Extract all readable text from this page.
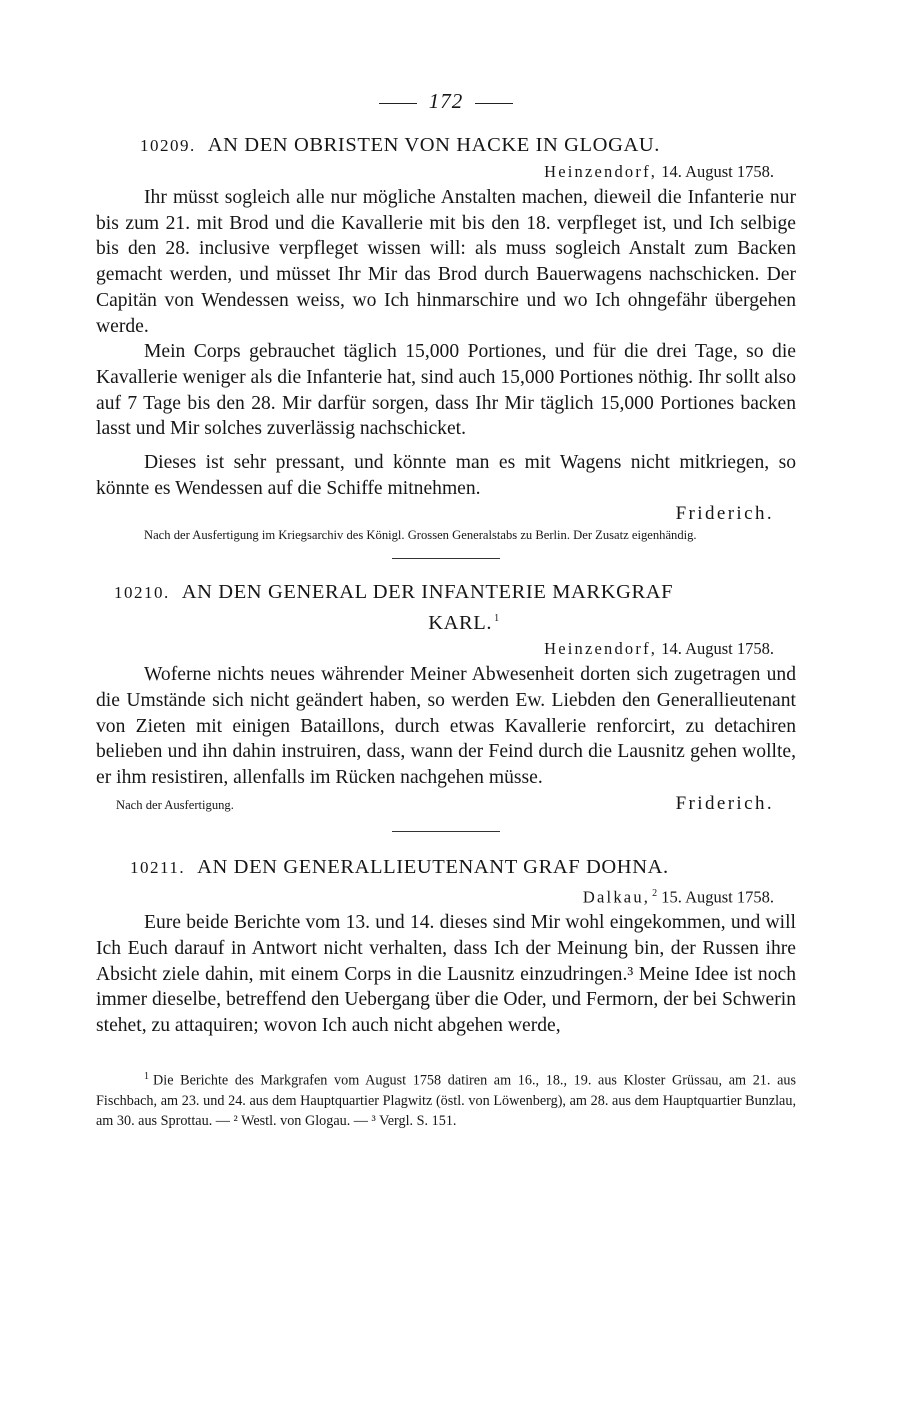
172

10209. AN DEN OBRISTEN VON HACKE IN GLOGAU.

Heinzendorf, 14. August 1758.

Ihr müsst sogleich alle nur mögliche Anstalten machen, dieweil die Infanterie nur bis zum 21. mit Brod und die Kavallerie mit bis den 18. verpfleget ist, und Ich selbige bis den 28. inclusive verpfleget wissen will: als muss sogleich Anstalt zum Backen gemacht werden, und müsset Ihr Mir das Brod durch Bauerwagens nachschicken. Der Capitän von Wendessen weiss, wo Ich hinmarschire und wo Ich ohngefähr übergehen werde.

Mein Corps gebrauchet täglich 15,000 Portiones, und für die drei Tage, so die Kavallerie weniger als die Infanterie hat, sind auch 15,000 Portiones nöthig. Ihr sollt also auf 7 Tage bis den 28. Mir darfür sorgen, dass Ihr Mir täglich 15,000 Portiones backen lasst und Mir solches zuverlässig nachschicket.

Dieses ist sehr pressant, und könnte man es mit Wagens nicht mitkriegen, so könnte es Wendessen auf die Schiffe mitnehmen.

Friderich.

Nach der Ausfertigung im Kriegsarchiv des Königl. Grossen Generalstabs zu Berlin. Der Zusatz eigenhändig.

10210. AN DEN GENERAL DER INFANTERIE MARKGRAF

KARL. $^1$

Heinzendorf, 14. August 1758.

Woferne nichts neues währender Meiner Abwesenheit dorten sich zugetragen und die Umstände sich nicht geändert haben, so werden Ew. Liebden den Generallieutenant von Zieten mit einigen Bataillons, durch etwas Kavallerie renforcirt, zu detachiren belieben und ihn dahin instruiren, dass, wann der Feind durch die Lausnitz gehen wollte, er ihm resistiren, allenfalls im Rücken nachgehen müsse.

Nach der Ausfertigung.	Friderich.

10211. AN DEN GENERALLIEUTENANT GRAF DOHNA.

Dalkau, $^2$ 15. August 1758.

Eure beide Berichte vom 13. und 14. dieses sind Mir wohl eingekommen, und will Ich Euch darauf in Antwort nicht verhalten, dass Ich der Meinung bin, der Russen ihre Absicht ziele dahin, mit einem Corps in die Lausnitz einzudringen.³ Meine Idee ist noch immer dieselbe, betreffend den Uebergang über die Oder, und Fermorn, der bei Schwerin stehet, zu attaquiren; wovon Ich auch nicht abgehen werde,

$^1$ Die Berichte des Markgrafen vom August 1758 datiren am 16., 18., 19. aus Kloster Grüssau, am 21. aus Fischbach, am 23. und 24. aus dem Hauptquartier Plagwitz (östl. von Löwenberg), am 28. aus dem Hauptquartier Bunzlau, am 30. aus Sprottau. — ² Westl. von Glogau. — ³ Vergl. S. 151.
